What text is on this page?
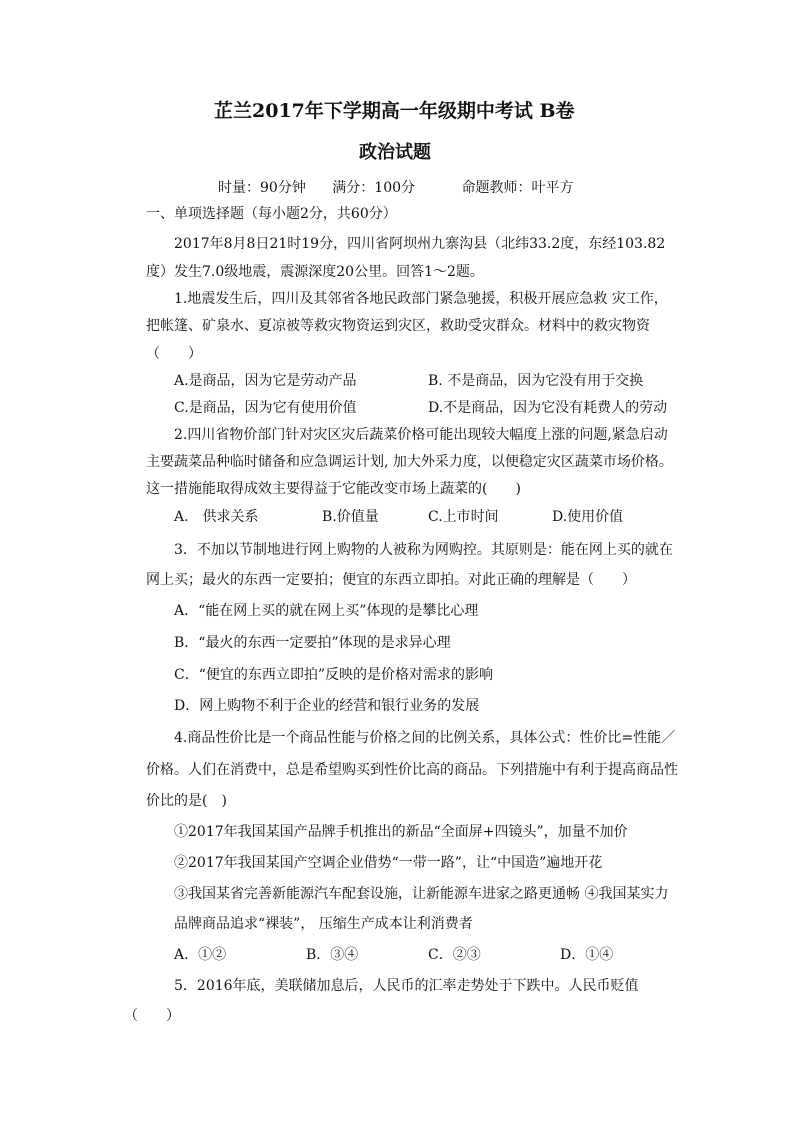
芷兰2017年下学期高一年级期中考试 B卷
政治试题
时量：90分钟 满分：100分	命题教师：叶平方
一、单项选择题（每小题2分，共60分）
2017年8月8日21时19分，四川省阿坝州九寨沟县（北纬33.2度，东经103.82
度）发生7.0级地震，震源深度20公里。回答1～2题。
1.地震发生后，四川及其邻省各地民政部门紧急驰援，积极开展应急救 灾工作，
把帐篷、矿泉水、夏凉被等救灾物资运到灾区，救助受灾群众。材料中的救灾物资
（　　）
A.是商品，因为它是劳动产品	B. 不是商品，因为它没有用于交换
C.是商品，因为它有使用价值	D.不是商品，因为它没有耗费人的劳动
2.四川省物价部门针对灾区灾后蔬菜价格可能出现较大幅度上涨的问题,紧急启动
主要蔬菜品种临时储备和应急调运计划, 加大外采力度，以便稳定灾区蔬菜市场价格。
这一措施能取得成效主要得益于它能改变市场上蔬菜的(　　)
A.　供求关系	B.价值量	C.上市时间	D.使用价值
3．不加以节制地进行网上购物的人被称为网购控。其原则是：能在网上买的就在
网上买；最火的东西一定要拍；便宜的东西立即拍。对此正确的理解是（　　）
A．“能在网上买的就在网上买”体现的是攀比心理
B．“最火的东西一定要拍”体现的是求异心理
C．“便宜的东西立即拍”反映的是价格对需求的影响
D．网上购物不利于企业的经营和银行业务的发展
4.商品性价比是一个商品性能与价格之间的比例关系，具体公式：性价比=性能／
价格。人们在消费中，总是希望购买到性价比高的商品。下列措施中有利于提高商品性
价比的是(　)
①2017年我国某国产品牌手机推出的新品“全面屏+四镜头”，加量不加价
②2017年我国某国产空调企业借势“一带一路”，让“中国造”遍地开花
③我国某省完善新能源汽车配套设施，让新能源车进家之路更通畅 ④我国某实力
品牌商品追求“裸装”， 压缩生产成本让利消费者
A．①②	B．③④	C．②③	D．①④
5．2016年底，美联储加息后，人民币的汇率走势处于下跌中。人民币贬值
（　　）
